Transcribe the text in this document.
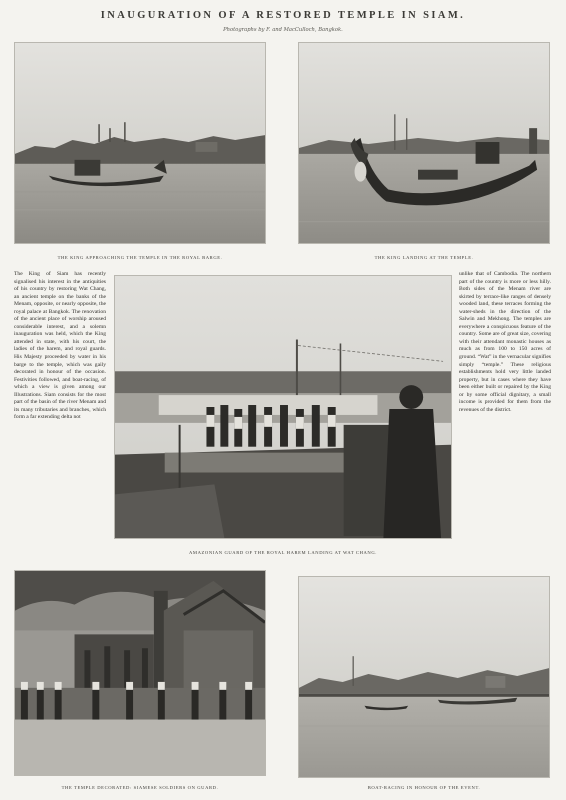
INAUGURATION OF A RESTORED TEMPLE IN SIAM.
Photographs by F. and MacCulloch, Bangkok.
THE KING APPROACHING THE TEMPLE IN THE ROYAL BARGE.	THE KING LANDING AT THE TEMPLE.

The King of Siam has recently signalised his interest in the antiquities of his country by restoring Wat Chang, an ancient temple on the banks of the Menam, opposite, or nearly opposite, the royal palace at Bangkok. The renovation of the ancient place of worship aroused considerable interest, and a solemn inauguration was held, which the King attended in state, with his court, the ladies of the harem, and royal guards. His Majesty proceeded by water in his barge to the temple, which was gaily decorated in honour of the occasion. Festivities followed, and boat-racing, of which a view is given among our Illustrations. Siam consists for the most part of the basin of the river Menam and its many tributaries and branches, which form a far extending delta not

AMAZONIAN GUARD OF THE ROYAL HAREM LANDING AT WAT CHANG.

unlike that of Cambodia. The northern part of the country is more or less hilly. Both sides of the Menam river are skirted by terrace-like ranges of densely wooded land, these terraces forming the water-sheds in the direction of the Salwin and Mekhong. The temples are everywhere a conspicuous feature of the country. Some are of great size, covering with their attendant monastic houses as much as from 100 to 150 acres of ground. “Wat” in the vernacular signifies simply “temple.” These religious establishments hold very little landed property, but in cases where they have been either built or repaired by the King or by some official dignitary, a small income is provided for them from the revenues of the district.

THE TEMPLE DECORATED: SIAMESE SOLDIERS ON GUARD.	BOAT-RACING IN HONOUR OF THE EVENT.
